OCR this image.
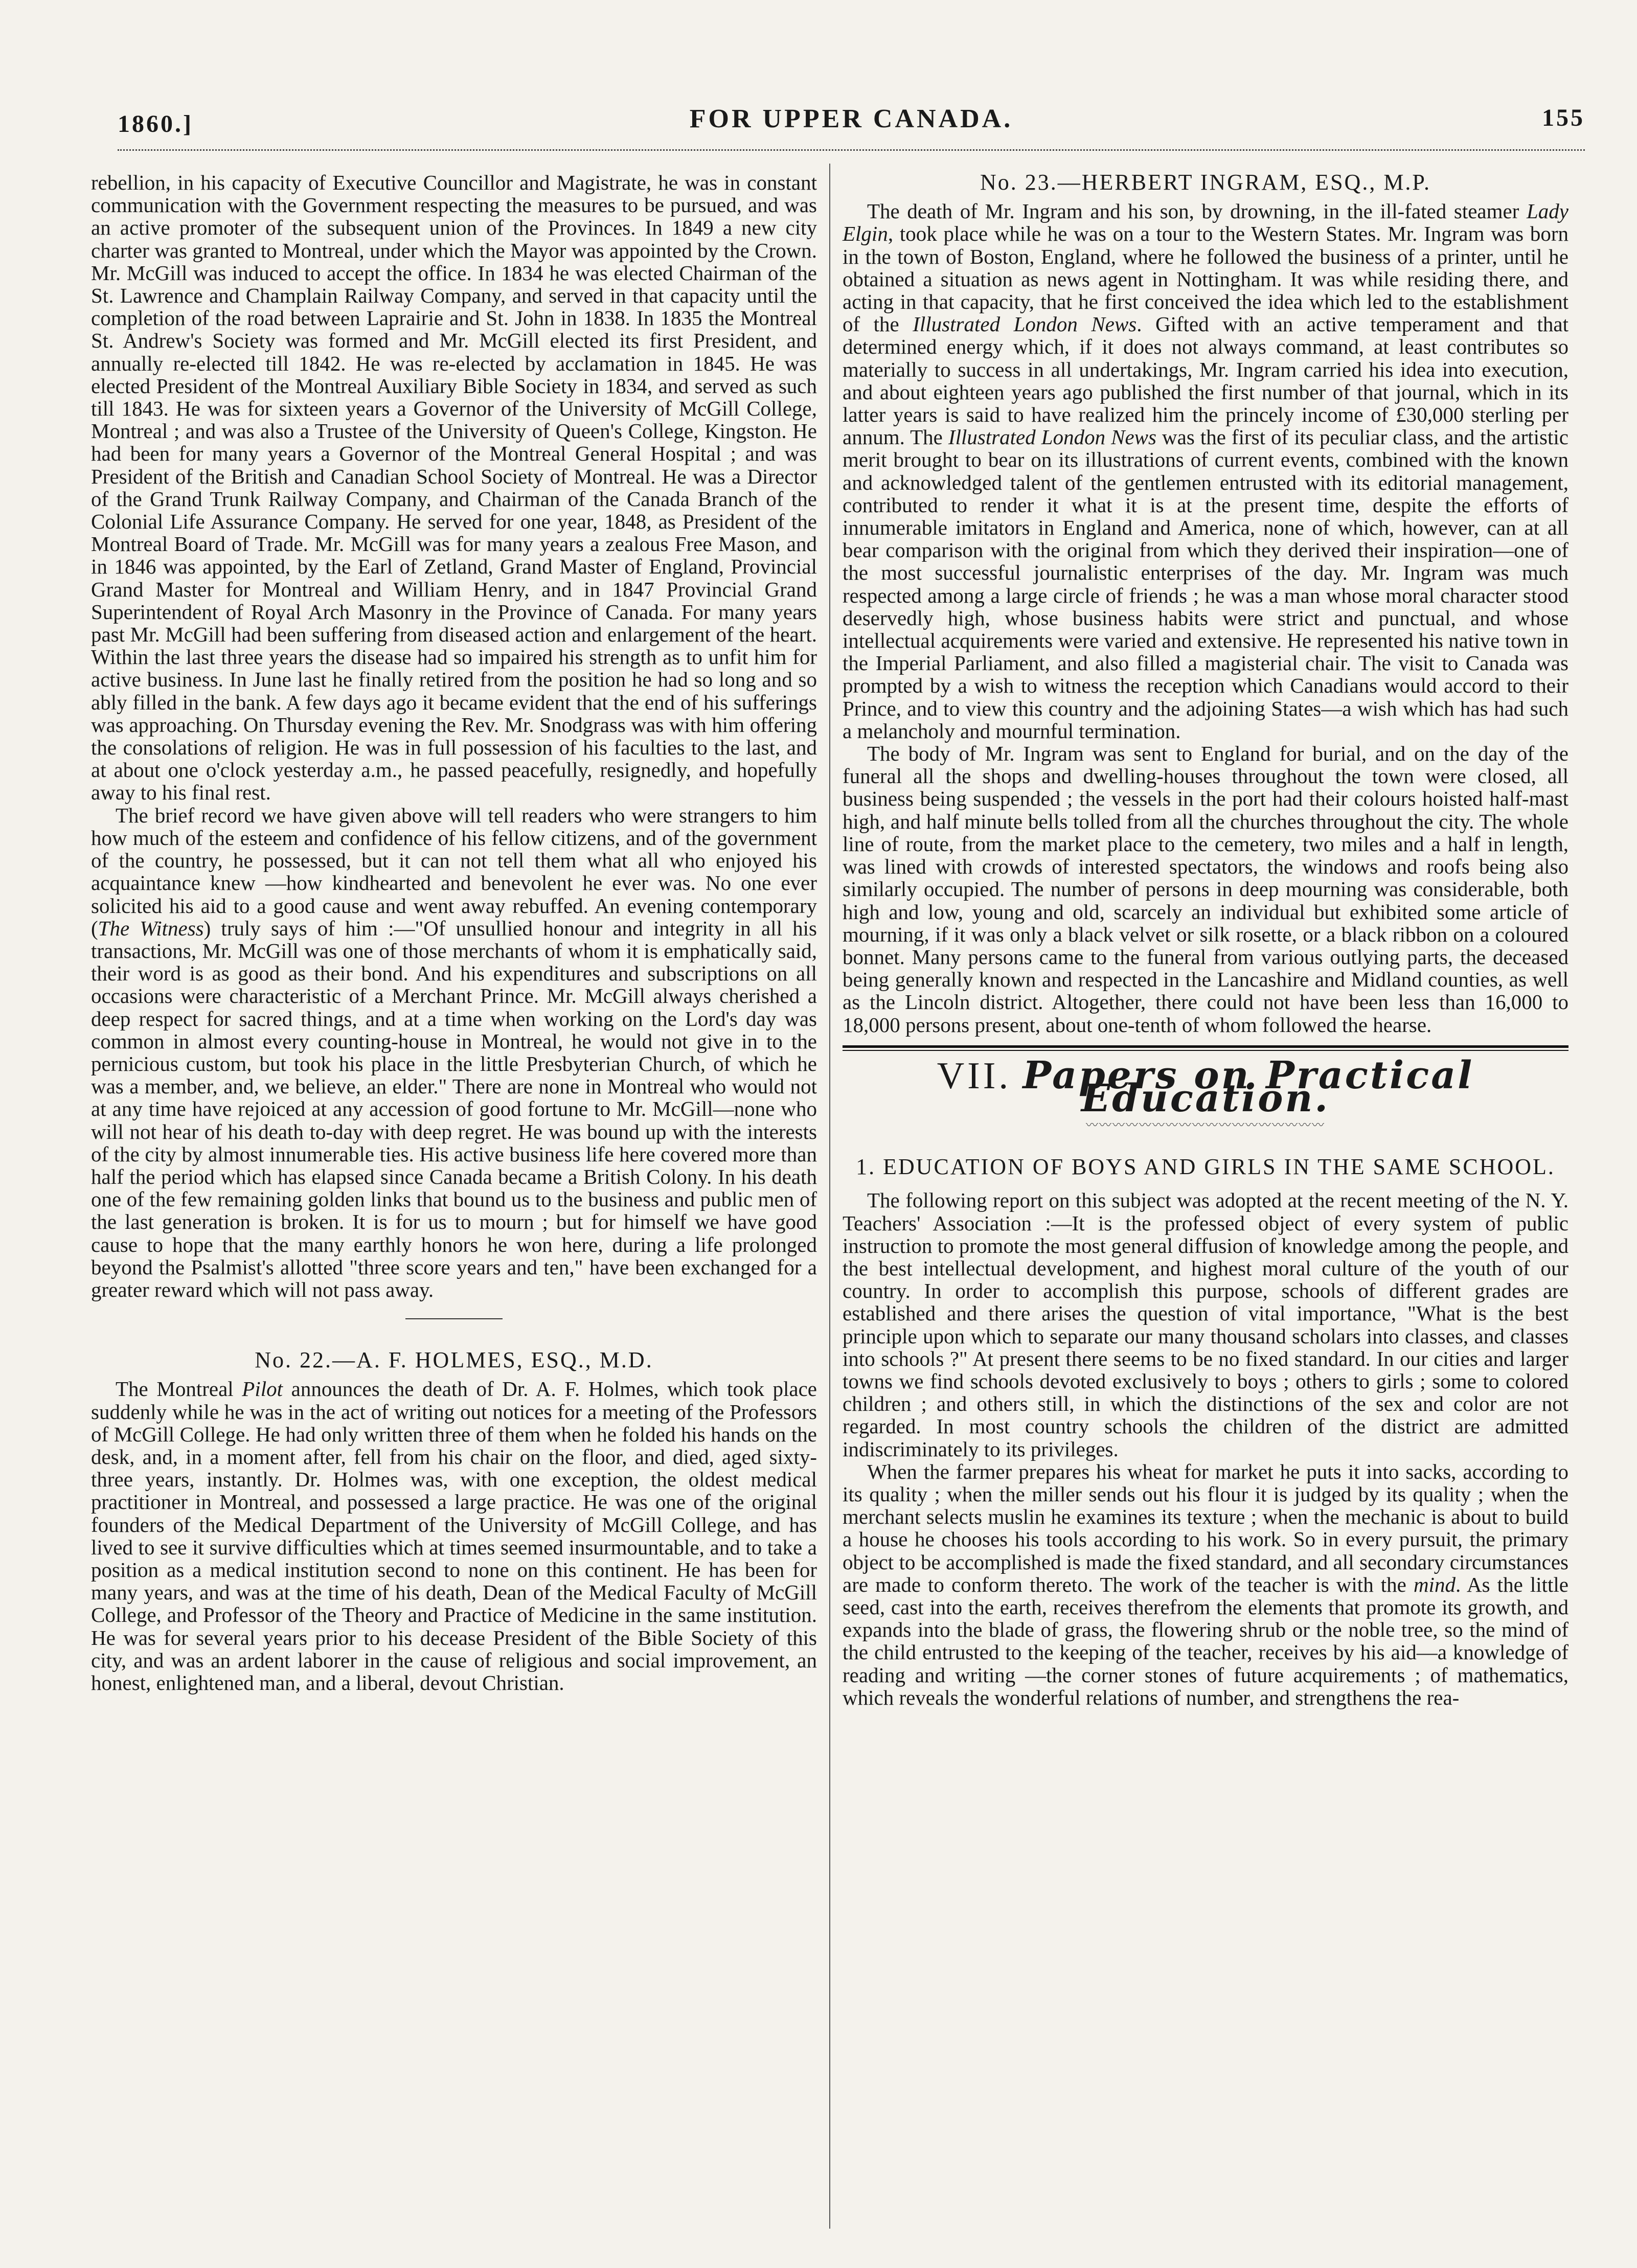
1860.]	FOR UPPER CANADA.	155

rebellion, in his capacity of Executive Councillor and Magistrate, he was in constant communication with the Government respecting the measures to be pursued, and was an active promoter of the subsequent union of the Provinces. In 1849 a new city charter was granted to Montreal, under which the Mayor was appointed by the Crown. Mr. McGill was induced to accept the office. In 1834 he was elected Chairman of the St. Lawrence and Champlain Railway Company, and served in that capacity until the completion of the road between Laprairie and St. John in 1838. In 1835 the Montreal St. Andrew's Society was formed and Mr. McGill elected its first President, and annually re-elected till 1842. He was re-elected by acclamation in 1845. He was elected President of the Montreal Auxiliary Bible Society in 1834, and served as such till 1843. He was for sixteen years a Governor of the University of McGill College, Montreal ; and was also a Trustee of the University of Queen's College, Kingston. He had been for many years a Governor of the Montreal General Hospital ; and was President of the British and Canadian School Society of Montreal. He was a Director of the Grand Trunk Railway Company, and Chairman of the Canada Branch of the Colonial Life Assurance Company. He served for one year, 1848, as President of the Montreal Board of Trade. Mr. McGill was for many years a zealous Free Mason, and in 1846 was appointed, by the Earl of Zetland, Grand Master of England, Provincial Grand Master for Montreal and William Henry, and in 1847 Provincial Grand Superintendent of Royal Arch Masonry in the Province of Canada. For many years past Mr. McGill had been suffering from diseased action and enlargement of the heart. Within the last three years the disease had so impaired his strength as to unfit him for active business. In June last he finally retired from the position he had so long and so ably filled in the bank. A few days ago it became evident that the end of his sufferings was approaching. On Thursday evening the Rev. Mr. Snodgrass was with him offering the consolations of religion. He was in full possession of his faculties to the last, and at about one o'clock yesterday a.m., he passed peacefully, resignedly, and hopefully away to his final rest.

The brief record we have given above will tell readers who were strangers to him how much of the esteem and confidence of his fellow citizens, and of the government of the country, he possessed, but it can not tell them what all who enjoyed his acquaintance knew —how kindhearted and benevolent he ever was. No one ever solicited his aid to a good cause and went away rebuffed. An evening contemporary (The Witness) truly says of him :—"Of unsullied honour and integrity in all his transactions, Mr. McGill was one of those merchants of whom it is emphatically said, their word is as good as their bond. And his expenditures and subscriptions on all occasions were characteristic of a Merchant Prince. Mr. McGill always cherished a deep respect for sacred things, and at a time when working on the Lord's day was common in almost every counting-house in Montreal, he would not give in to the pernicious custom, but took his place in the little Presbyterian Church, of which he was a member, and, we believe, an elder." There are none in Montreal who would not at any time have rejoiced at any accession of good fortune to Mr. McGill—none who will not hear of his death to-day with deep regret. He was bound up with the interests of the city by almost innumerable ties. His active business life here covered more than half the period which has elapsed since Canada became a British Colony. In his death one of the few remaining golden links that bound us to the business and public men of the last generation is broken. It is for us to mourn ; but for himself we have good cause to hope that the many earthly honors he won here, during a life prolonged beyond the Psalmist's allotted "three score years and ten," have been exchanged for a greater reward which will not pass away.

No. 22.—A. F. HOLMES, ESQ., M.D.

The Montreal Pilot announces the death of Dr. A. F. Holmes, which took place suddenly while he was in the act of writing out notices for a meeting of the Professors of McGill College. He had only written three of them when he folded his hands on the desk, and, in a moment after, fell from his chair on the floor, and died, aged sixty-three years, instantly. Dr. Holmes was, with one exception, the oldest medical practitioner in Montreal, and possessed a large practice. He was one of the original founders of the Medical Department of the University of McGill College, and has lived to see it survive difficulties which at times seemed insurmountable, and to take a position as a medical institution second to none on this continent. He has been for many years, and was at the time of his death, Dean of the Medical Faculty of McGill College, and Professor of the Theory and Practice of Medicine in the same institution. He was for several years prior to his decease President of the Bible Society of this city, and was an ardent laborer in the cause of religious and social improvement, an honest, enlightened man, and a liberal, devout Christian.

No. 23.—HERBERT INGRAM, ESQ., M.P.

The death of Mr. Ingram and his son, by drowning, in the ill-fated steamer Lady Elgin, took place while he was on a tour to the Western States. Mr. Ingram was born in the town of Boston, England, where he followed the business of a printer, until he obtained a situation as news agent in Nottingham. It was while residing there, and acting in that capacity, that he first conceived the idea which led to the establishment of the Illustrated London News. Gifted with an active temperament and that determined energy which, if it does not always command, at least contributes so materially to success in all undertakings, Mr. Ingram carried his idea into execution, and about eighteen years ago published the first number of that journal, which in its latter years is said to have realized him the princely income of £30,000 sterling per annum. The Illustrated London News was the first of its peculiar class, and the artistic merit brought to bear on its illustrations of current events, combined with the known and acknowledged talent of the gentlemen entrusted with its editorial management, contributed to render it what it is at the present time, despite the efforts of innumerable imitators in England and America, none of which, however, can at all bear comparison with the original from which they derived their inspiration—one of the most successful journalistic enterprises of the day. Mr. Ingram was much respected among a large circle of friends ; he was a man whose moral character stood deservedly high, whose business habits were strict and punctual, and whose intellectual acquirements were varied and extensive. He represented his native town in the Imperial Parliament, and also filled a magisterial chair. The visit to Canada was prompted by a wish to witness the reception which Canadians would accord to their Prince, and to view this country and the adjoining States—a wish which has had such a melancholy and mournful termination.

The body of Mr. Ingram was sent to England for burial, and on the day of the funeral all the shops and dwelling-houses throughout the town were closed, all business being suspended ; the vessels in the port had their colours hoisted half-mast high, and half minute bells tolled from all the churches throughout the city. The whole line of route, from the market place to the cemetery, two miles and a half in length, was lined with crowds of interested spectators, the windows and roofs being also similarly occupied. The number of persons in deep mourning was considerable, both high and low, young and old, scarcely an individual but exhibited some article of mourning, if it was only a black velvet or silk rosette, or a black ribbon on a coloured bonnet. Many persons came to the funeral from various outlying parts, the deceased being generally known and respected in the Lancashire and Midland counties, as well as the Lincoln district. Altogether, there could not have been less than 16,000 to 18,000 persons present, about one-tenth of whom followed the hearse.

VII. Papers on Practical Education.
〰〰〰〰〰〰〰〰〰〰〰〰〰〰〰〰〰〰
1. EDUCATION OF BOYS AND GIRLS IN THE SAME SCHOOL.

The following report on this subject was adopted at the recent meeting of the N. Y. Teachers' Association :—It is the professed object of every system of public instruction to promote the most general diffusion of knowledge among the people, and the best intellectual development, and highest moral culture of the youth of our country. In order to accomplish this purpose, schools of different grades are established and there arises the question of vital importance, "What is the best principle upon which to separate our many thousand scholars into classes, and classes into schools ?" At present there seems to be no fixed standard. In our cities and larger towns we find schools devoted exclusively to boys ; others to girls ; some to colored children ; and others still, in which the distinctions of the sex and color are not regarded. In most country schools the children of the district are admitted indiscriminately to its privileges.

When the farmer prepares his wheat for market he puts it into sacks, according to its quality ; when the miller sends out his flour it is judged by its quality ; when the merchant selects muslin he examines its texture ; when the mechanic is about to build a house he chooses his tools according to his work. So in every pursuit, the primary object to be accomplished is made the fixed standard, and all secondary circumstances are made to conform thereto. The work of the teacher is with the mind. As the little seed, cast into the earth, receives therefrom the elements that promote its growth, and expands into the blade of grass, the flowering shrub or the noble tree, so the mind of the child entrusted to the keeping of the teacher, receives by his aid—a knowledge of reading and writing —the corner stones of future acquirements ; of mathematics, which reveals the wonderful relations of number, and strengthens the rea-
